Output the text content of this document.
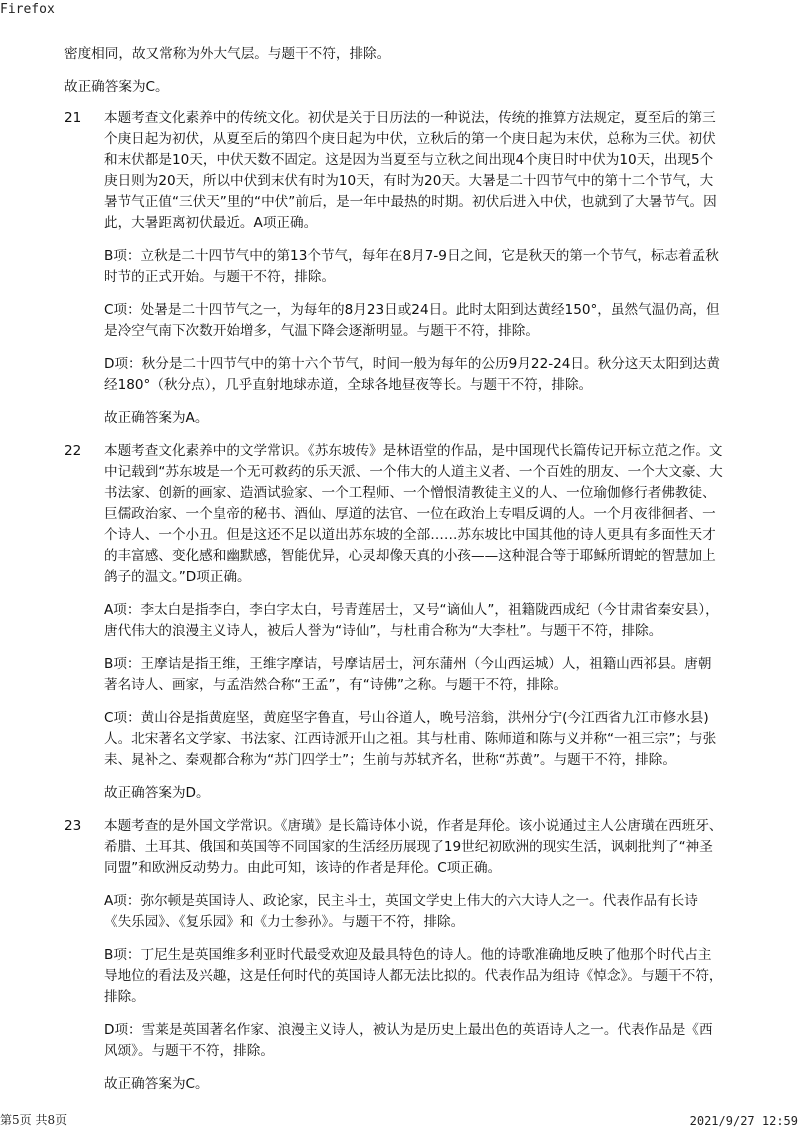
Firefox

密度相同，故又常称为外大气层。与题干不符，排除。

故正确答案为C。

21 本题考查文化素养中的传统文化。初伏是关于日历法的一种说法，传统的推算方法规定，夏至后的第三个庚日起为初伏，从夏至后的第四个庚日起为中伏，立秋后的第一个庚日起为末伏，总称为三伏。初伏和末伏都是10天，中伏天数不固定。这是因为当夏至与立秋之间出现4个庚日时中伏为10天，出现5个庚日则为20天，所以中伏到末伏有时为10天，有时为20天。大暑是二十四节气中的第十二个节气，大暑节气正值“三伏天”里的“中伏”前后，是一年中最热的时期。初伏后进入中伏，也就到了大暑节气。因此，大暑距离初伏最近。A项正确。

B项：立秋是二十四节气中的第13个节气，每年在8月7-9日之间，它是秋天的第一个节气，标志着孟秋时节的正式开始。与题干不符，排除。

C项：处暑是二十四节气之一，为每年的8月23日或24日。此时太阳到达黄经150°，虽然气温仍高，但是冷空气南下次数开始增多，气温下降会逐渐明显。与题干不符，排除。

D项：秋分是二十四节气中的第十六个节气，时间一般为每年的公历9月22-24日。秋分这天太阳到达黄经180°（秋分点），几乎直射地球赤道，全球各地昼夜等长。与题干不符，排除。

故正确答案为A。

22 本题考查文化素养中的文学常识。《苏东坡传》是林语堂的作品，是中国现代长篇传记开标立范之作。文中记载到“苏东坡是一个无可救药的乐天派、一个伟大的人道主义者、一个百姓的朋友、一个大文豪、大书法家、创新的画家、造酒试验家、一个工程师、一个憎恨清教徒主义的人、一位瑜伽修行者佛教徒、巨儒政治家、一个皇帝的秘书、酒仙、厚道的法官、一位在政治上专唱反调的人。一个月夜徘徊者、一个诗人、一个小丑。但是这还不足以道出苏东坡的全部……苏东坡比中国其他的诗人更具有多面性天才的丰富感、变化感和幽默感，智能优异，心灵却像天真的小孩——这种混合等于耶稣所谓蛇的智慧加上鸽子的温文。”D项正确。

A项：李太白是指李白，李白字太白，号青莲居士，又号“谪仙人”，祖籍陇西成纪（今甘肃省秦安县），唐代伟大的浪漫主义诗人，被后人誉为“诗仙”，与杜甫合称为“大李杜”。与题干不符，排除。

B项：王摩诘是指王维，王维字摩诘，号摩诘居士，河东蒲州（今山西运城）人，祖籍山西祁县。唐朝著名诗人、画家，与孟浩然合称“王孟”，有“诗佛”之称。与题干不符，排除。

C项：黄山谷是指黄庭坚，黄庭坚字鲁直，号山谷道人，晚号涪翁，洪州分宁(今江西省九江市修水县)人。北宋著名文学家、书法家、江西诗派开山之祖。其与杜甫、陈师道和陈与义并称“一祖三宗”；与张耒、晁补之、秦观都合称为“苏门四学士”；生前与苏轼齐名，世称“苏黄”。与题干不符，排除。

故正确答案为D。

23 本题考查的是外国文学常识。《唐璜》是长篇诗体小说，作者是拜伦。该小说通过主人公唐璜在西班牙、希腊、土耳其、俄国和英国等不同国家的生活经历展现了19世纪初欧洲的现实生活，讽刺批判了“神圣同盟”和欧洲反动势力。由此可知，该诗的作者是拜伦。C项正确。

A项：弥尔顿是英国诗人、政论家，民主斗士，英国文学史上伟大的六大诗人之一。代表作品有长诗《失乐园》、《复乐园》和《力士参孙》。与题干不符，排除。

B项：丁尼生是英国维多利亚时代最受欢迎及最具特色的诗人。他的诗歌准确地反映了他那个时代占主导地位的看法及兴趣，这是任何时代的英国诗人都无法比拟的。代表作品为组诗《悼念》。与题干不符，排除。

D项：雪莱是英国著名作家、浪漫主义诗人，被认为是历史上最出色的英语诗人之一。代表作品是《西风颂》。与题干不符，排除。

故正确答案为C。

第5页 共8页	2021/9/27 12:59
